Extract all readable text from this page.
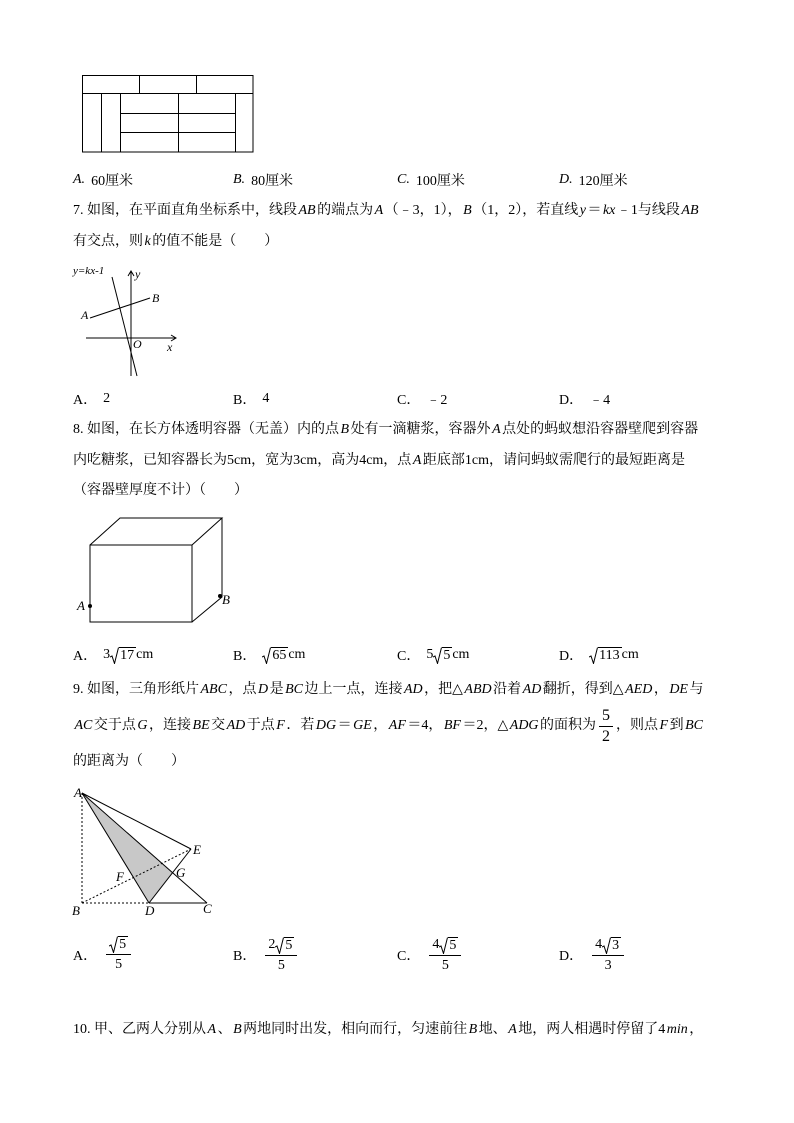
A. 60厘米	B. 80厘米	C. 100厘米	D. 120厘米
7. 如图，在平面直角坐标系中，线段 AB 的端点为 A （﹣3，1）， B （1，2），若直线 y ＝ kx ﹣1与线段 AB
有交点，则 k 的值不能是（　　）
y=kx-1	y
B
A
O x
A． 2	B． 4	C． ﹣2	D． ﹣4
8. 如图，在长方体透明容器（无盖）内的点 B 处有一滴糖浆，容器外 A 点处的蚂蚁想沿容器壁爬到容器
内吃糖浆，已知容器长为5cm，宽为3cm，高为4cm，点 A 距底部1cm，请问蚂蚁需爬行的最短距离是
（容器壁厚度不计）（　　）
A	B
A． 3 17 cm	B． 65 cm	C． 5 5 cm	D． 113 cm
9. 如图，三角形纸片 ABC ，点 D 是 BC 边上一点，连接 AD ，把△ ABD 沿着 AD 翻折，得到△ AED ， DE 与
AC 交于点 G ，连接 BE 交 AD 于点 F ．若 DG ＝ GE ， AF ＝4， BF ＝2，△ ADG 的面积为 $\frac{5}{2}$ ，则点 F 到 BC
的距离为（　　）
A
E
F	G
B	D	C
A． $\frac{5}{5}$	B． $\frac{2 5}{5}$	C． $\frac{4 5}{5}$	D． $\frac{4 3}{3}$
10. 甲、乙两人分别从 A 、 B 两地同时出发，相向而行，匀速前往 B 地、 A 地，两人相遇时停留了4 min ，
